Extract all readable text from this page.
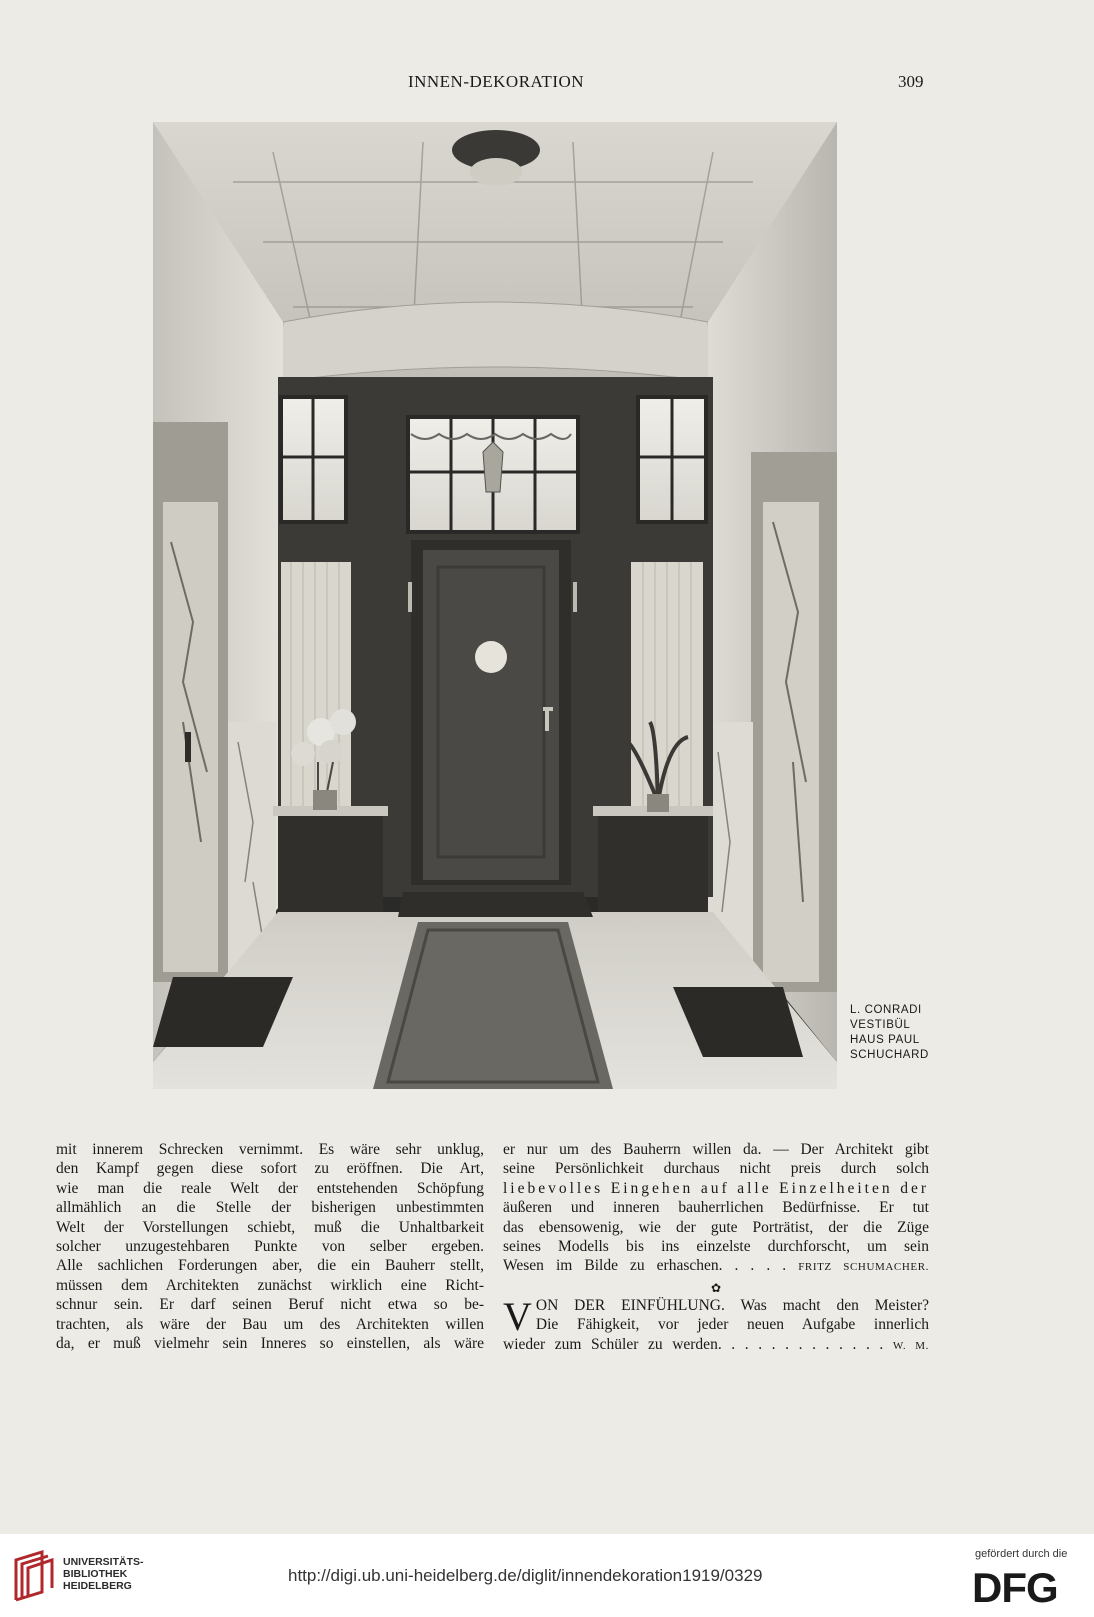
INNEN-DEKORATION	309
L. CONRADI
VESTIBÜL
HAUS PAUL
SCHUCHARD
mit innerem Schrecken vernimmt. Es wäre sehr unklug,
den Kampf gegen diese sofort zu eröffnen. Die Art,
wie man die reale Welt der entstehenden Schöpfung
allmählich an die Stelle der bisherigen unbestimmten
Welt der Vorstellungen schiebt, muß die Unhaltbarkeit
solcher unzugestehbaren Punkte von selber ergeben.
Alle sachlichen Forderungen aber, die ein Bauherr stellt,
müssen dem Architekten zunächst wirklich eine Richt-
schnur sein. Er darf seinen Beruf nicht etwa so be-
trachten, als wäre der Bau um des Architekten willen
da, er muß vielmehr sein Inneres so einstellen, als wäre
er nur um des Bauherrn willen da. — Der Architekt gibt
seine Persönlichkeit durchaus nicht preis durch solch
liebevolles Eingehen auf alle Einzelheiten der
äußeren und inneren bauherrlichen Bedürfnisse. Er tut
das ebensowenig, wie der gute Porträtist, der die Züge
seines Modells bis ins einzelste durchforscht, um sein
Wesen im Bilde zu erhaschen. . . . . FRITZ SCHUMACHER.
✿
V ON DER EINFÜHLUNG. Was macht den Meister?
Die Fähigkeit, vor jeder neuen Aufgabe innerlich
wieder zum Schüler zu werden. . . . . . . . . . . . . W. M.
UNIVERSITÄTS-
BIBLIOTHEK
HEIDELBERG
http://digi.ub.uni-heidelberg.de/diglit/innendekoration1919/0329
gefördert durch die
DFG
